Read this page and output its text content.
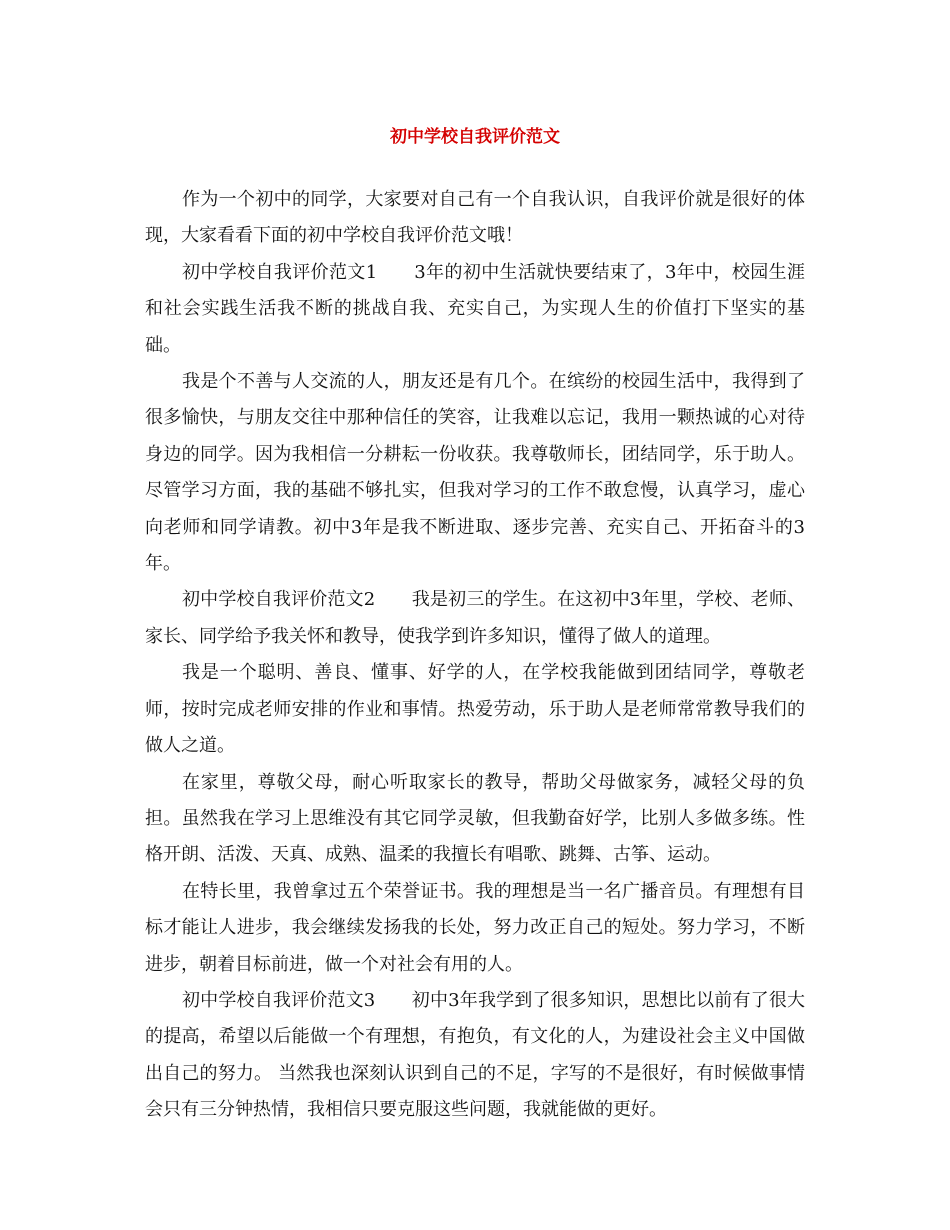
初中学校自我评价范文

作为一个初中的同学，大家要对自己有一个自我认识，自我评价就是很好的体现，大家看看下面的初中学校自我评价范文哦！

初中学校自我评价范文1　　3年的初中生活就快要结束了，3年中，校园生涯和社会实践生活我不断的挑战自我、充实自己，为实现人生的价值打下坚实的基础。

我是个不善与人交流的人，朋友还是有几个。在缤纷的校园生活中，我得到了很多愉快，与朋友交往中那种信任的笑容，让我难以忘记，我用一颗热诚的心对待身边的同学。因为我相信一分耕耘一份收获。我尊敬师长，团结同学，乐于助人。尽管学习方面，我的基础不够扎实，但我对学习的工作不敢怠慢，认真学习，虚心向老师和同学请教。初中3年是我不断进取、逐步完善、充实自己、开拓奋斗的3年。

初中学校自我评价范文2　　我是初三的学生。在这初中3年里，学校、老师、家长、同学给予我关怀和教导，使我学到许多知识，懂得了做人的道理。

我是一个聪明、善良、懂事、好学的人，在学校我能做到团结同学，尊敬老师，按时完成老师安排的作业和事情。热爱劳动，乐于助人是老师常常教导我们的做人之道。

在家里，尊敬父母，耐心听取家长的教导，帮助父母做家务，减轻父母的负担。虽然我在学习上思维没有其它同学灵敏，但我勤奋好学，比别人多做多练。性格开朗、活泼、天真、成熟、温柔的我擅长有唱歌、跳舞、古筝、运动。

在特长里，我曾拿过五个荣誉证书。我的理想是当一名广播音员。有理想有目标才能让人进步，我会继续发扬我的长处，努力改正自己的短处。努力学习，不断进步，朝着目标前进，做一个对社会有用的人。

初中学校自我评价范文3　　初中3年我学到了很多知识，思想比以前有了很大的提高，希望以后能做一个有理想，有抱负，有文化的人，为建设社会主义中国做出自己的努力。 当然我也深刻认识到自己的不足，字写的不是很好，有时候做事情会只有三分钟热情，我相信只要克服这些问题，我就能做的更好。
